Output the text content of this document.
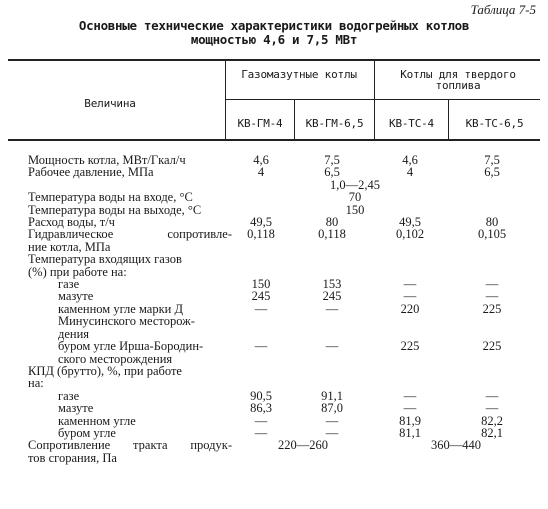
Таблица 7-5
Основные технические характеристики водогрейных котлов
мощностью 4,6 и 7,5 МВт
Величина
Газомазутные котлы	Котлы для твердого топлива
КВ-ГМ-4	КВ-ГМ-6,5	КВ-ТС-4	КВ-ТС-6,5
Мощность котла, МВт/Гкал/ч	4,6	7,5	4,6	7,5
Рабочее давление, МПа	4	6,5	4	6,5
	1,0—2,45			
Температура воды на входе, °С	70			
Температура воды на выходе, °С	150			
Расход воды, т/ч	49,5	80	49,5	80
Гидравлическое сопротивле-	0,118	0,118	0,102	0,105
ние котла, МПа				
Температура входящих газов				
(%) при работе на:				
газе	150	153	—	—
мазуте	245	245	—	—
каменном угле марки Д	—	—	220	225
Минусинского месторож-				
дения				
буром угле Ирша-Бородин-	—	—	225	225
ского месторождения				
КПД (брутто), %, при работе				
на:				
газе	90,5	91,1	—	—
мазуте	86,3	87,0	—	—
каменном угле	—	—	81,9	82,2
буром угле	—	—	81,1	82,1
Сопротивление тракта продук-	220—260		360—440	
тов сгорания, Па				
